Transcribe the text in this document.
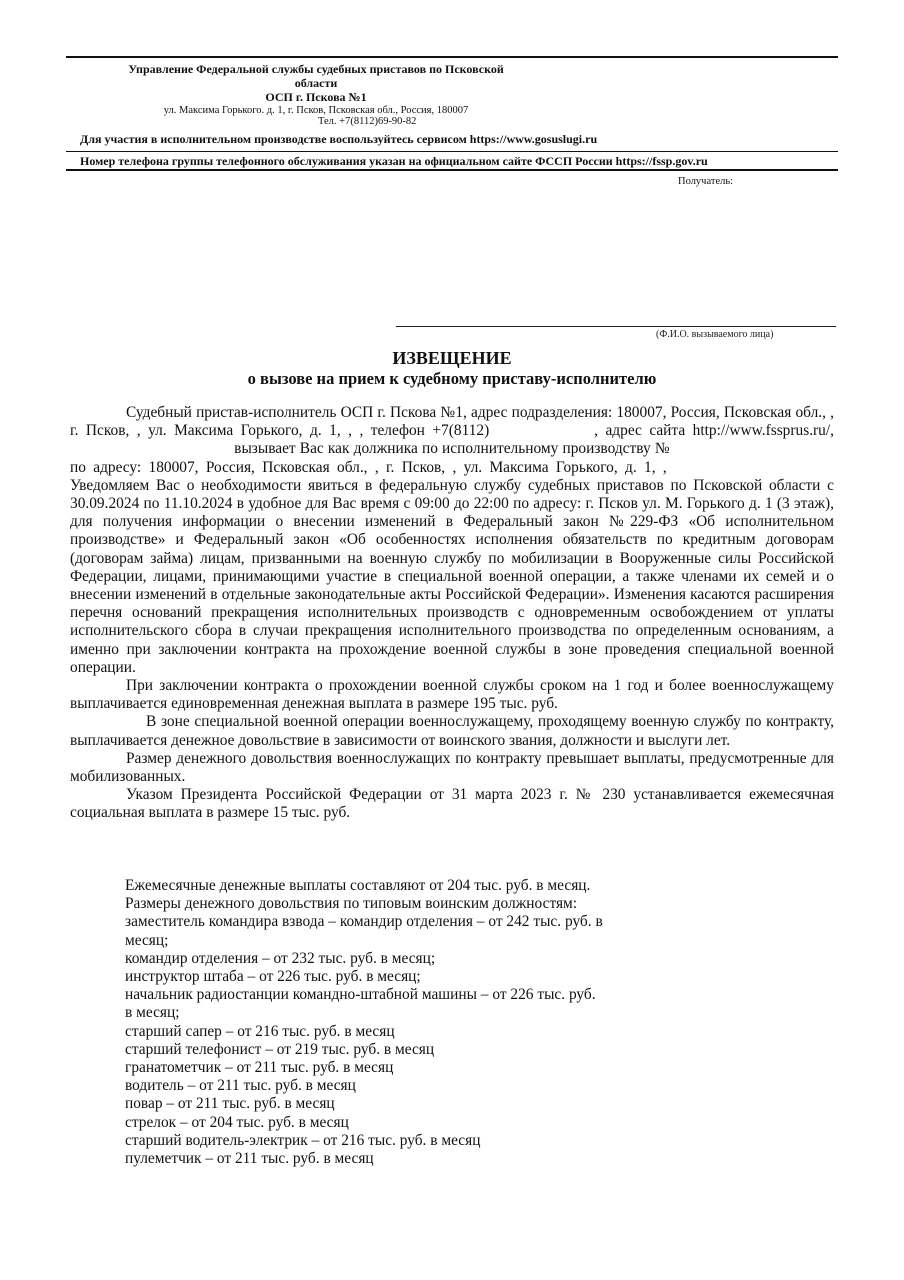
Управление Федеральной службы судебных приставов по Псковской
области
ОСП г. Пскова №1
ул. Максима Горького. д. 1, г. Псков, Псковская обл., Россия, 180007
Тел. +7(8112)69-90-82
Для участия в исполнительном производстве воспользуйтесь сервисом https://www.gosuslugi.ru
Номер телефона группы телефонного обслуживания указан на официальном сайте ФССП России https://fssp.gov.ru
Получатель:
(Ф.И.О. вызываемого лица)
ИЗВЕЩЕНИЕ
о вызове на прием к судебному приставу-исполнителю

Судебный пристав-исполнитель ОСП г. Пскова №1, адрес подразделения: 180007, Россия, Псковская обл., , г. Псков, , ул. Максима Горького, д. 1, , , телефон +7(8112)	, адрес сайта http://www.fssprus.ru/,  вызывает Вас как должника по исполнительному производству №  по адресу: 180007, Россия, Псковская обл., , г. Псков, , ул. Максима Горького, д. 1, ,  Уведомляем Вас о необходимости явиться в федеральную службу судебных приставов по Псковской области с 30.09.2024 по 11.10.2024 в удобное для Вас время с 09:00 до 22:00 по адресу: г. Псков ул. М. Горького д. 1 (3 этаж), для получения информации о внесении изменений в Федеральный закон №229-ФЗ «Об исполнительном производстве» и Федеральный закон «Об особенностях исполнения обязательств по кредитным договорам (договорам займа) лицам, призванными на военную службу по мобилизации в Вооруженные силы Российской Федерации, лицами, принимающими участие в специальной военной операции, а также членами их семей и о внесении изменений в отдельные законодательные акты Российской Федерации». Изменения касаются расширения перечня оснований прекращения исполнительных производств с одновременным освобождением от уплаты исполнительского сбора в случаи прекращения исполнительного производства по определенным основаниям, а именно при заключении контракта на прохождение военной службы в зоне проведения специальной военной операции.

При заключении контракта о прохождении военной службы сроком на 1 год и более военнослужащему выплачивается единовременная денежная выплата в размере 195 тыс. руб.

В зоне специальной военной операции военнослужащему, проходящему военную службу по контракту, выплачивается денежное довольствие в зависимости от воинского звания, должности и выслуги лет.

Размер денежного довольствия военнослужащих по контракту превышает выплаты, предусмотренные для мобилизованных.

Указом Президента Российской Федерации от 31 марта 2023 г. № 230 устанавливается ежемесячная социальная выплата в размере 15 тыс. руб.

Ежемесячные денежные выплаты составляют от 204 тыс. руб. в месяц.
Размеры денежного довольствия по типовым воинским должностям:
заместитель командира взвода – командир отделения – от 242 тыс. руб. в
месяц;
командир отделения – от 232 тыс. руб. в месяц;
инструктор штаба – от 226 тыс. руб. в месяц;
начальник радиостанции командно-штабной машины – от 226 тыс. руб.
в месяц;
старший сапер – от 216 тыс. руб. в месяц
старший телефонист – от 219 тыс. руб. в месяц
гранатометчик – от 211 тыс. руб. в месяц
водитель – от 211 тыс. руб. в месяц
повар – от 211 тыс. руб. в месяц
стрелок – от 204 тыс. руб. в месяц
старший водитель-электрик – от 216 тыс. руб. в месяц
пулеметчик – от 211 тыс. руб. в месяц
